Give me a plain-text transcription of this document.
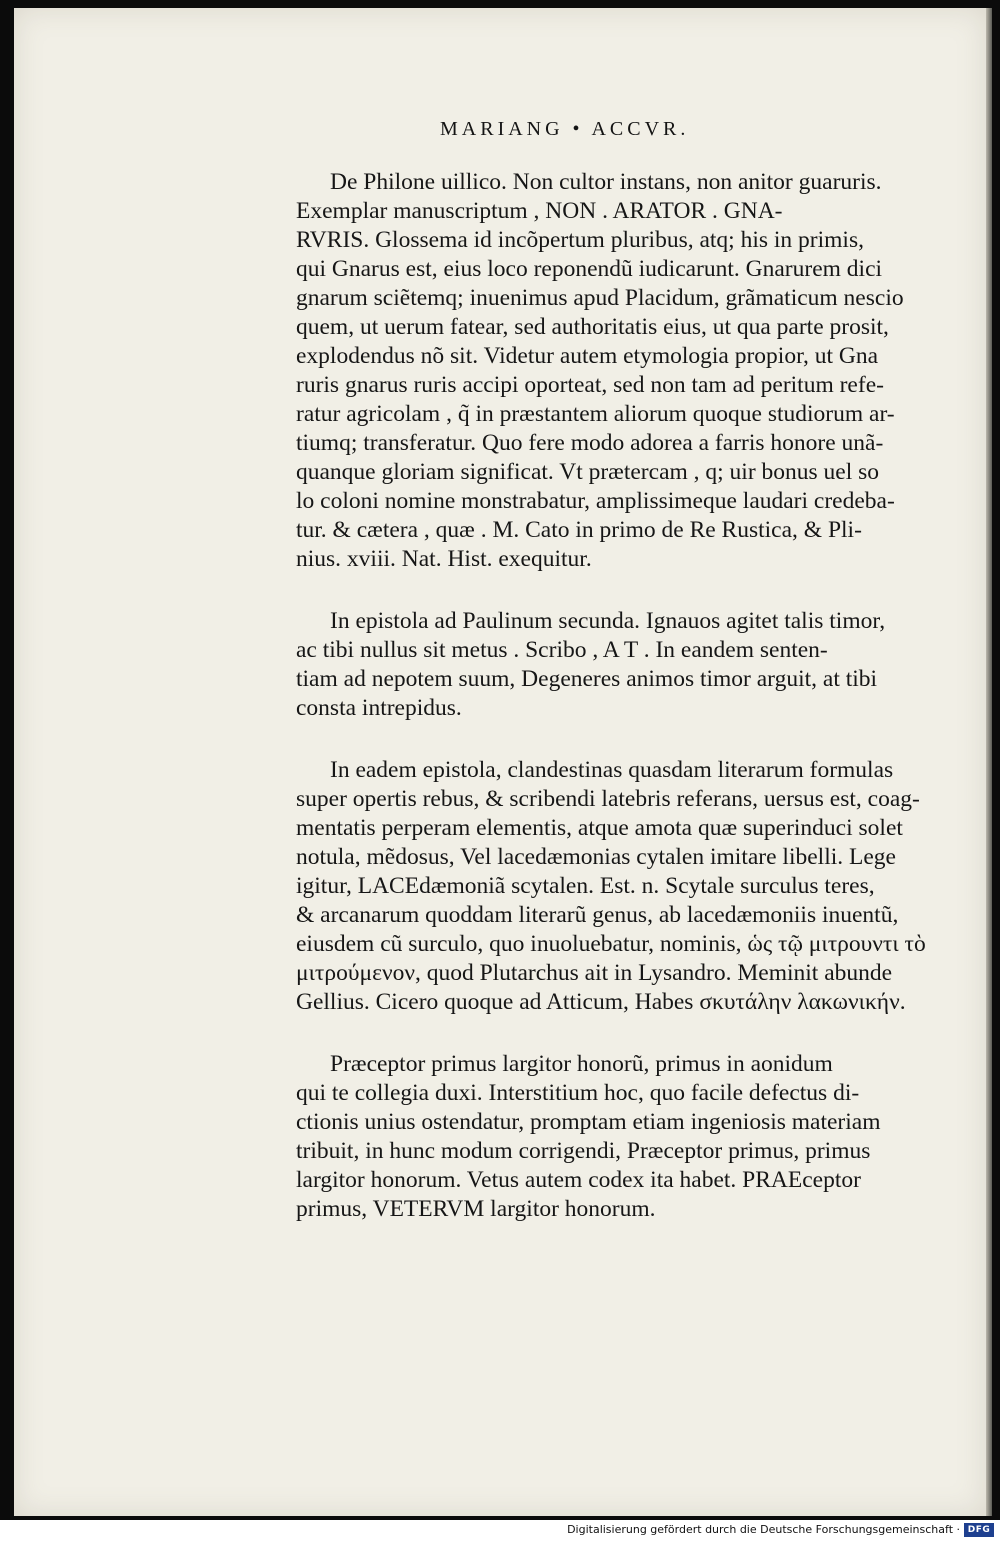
MARIANG • ACCVR.
De Philone uillico. Non cultor instans, non anitor guaruris.
Exemplar manuscriptum , NON . ARATOR . GNA-
RVRIS. Glossema id incõpertum pluribus, atq; his in primis,
qui Gnarus est, eius loco reponendũ iudicarunt. Gnarurem dici
gnarum sciẽtemq; inuenimus apud Placidum, grãmaticum nescio
quem, ut uerum fatear, sed authoritatis eius, ut qua parte prosit,
explodendus nõ sit. Videtur autem etymologia propior, ut Gna
ruris gnarus ruris accipi oporteat, sed non tam ad peritum refe-
ratur agricolam , q̃ in præstantem aliorum quoque studiorum ar-
tiumq; transferatur. Quo fere modo adorea a farris honore unã-
quanque gloriam significat. Vt prætercam , q; uir bonus uel so
lo coloni nomine monstrabatur, amplissimeque laudari credeba-
tur. & cætera , quæ . M. Cato in primo de Re Rustica, & Pli-
nius. xviii. Nat. Hist. exequitur.
In epistola ad Paulinum secunda. Ignauos agitet talis timor,
ac tibi nullus sit metus . Scribo , A T . In eandem senten-
tiam ad nepotem suum, Degeneres animos timor arguit, at tibi
consta intrepidus.
In eadem epistola, clandestinas quasdam literarum formulas
super opertis rebus, & scribendi latebris referans, uersus est, coag-
mentatis perperam elementis, atque amota quæ superinduci solet
notula, mẽdosus, Vel lacedæmonias cytalen imitare libelli. Lege
igitur, LACEdæmoniã scytalen. Est. n. Scytale surculus teres,
& arcanarum quoddam literarũ genus, ab lacedæmoniis inuentũ,
eiusdem cũ surculo, quo inuoluebatur, nominis, ὡς τῷ μιτρουντι τὸ
μιτρούμενον, quod Plutarchus ait in Lysandro. Meminit abunde
Gellius. Cicero quoque ad Atticum, Habes σκυτάλην λακωνικήν.
Præceptor primus largitor honorũ, primus in aonidum
qui te collegia duxi. Interstitium hoc, quo facile defectus di-
ctionis unius ostendatur, promptam etiam ingeniosis materiam
tribuit, in hunc modum corrigendi, Præceptor primus, primus
largitor honorum. Vetus autem codex ita habet. PRAEceptor
primus, VETERVM largitor honorum.
Digitalisierung gefördert durch die Deutsche Forschungsgemeinschaft · DFG
